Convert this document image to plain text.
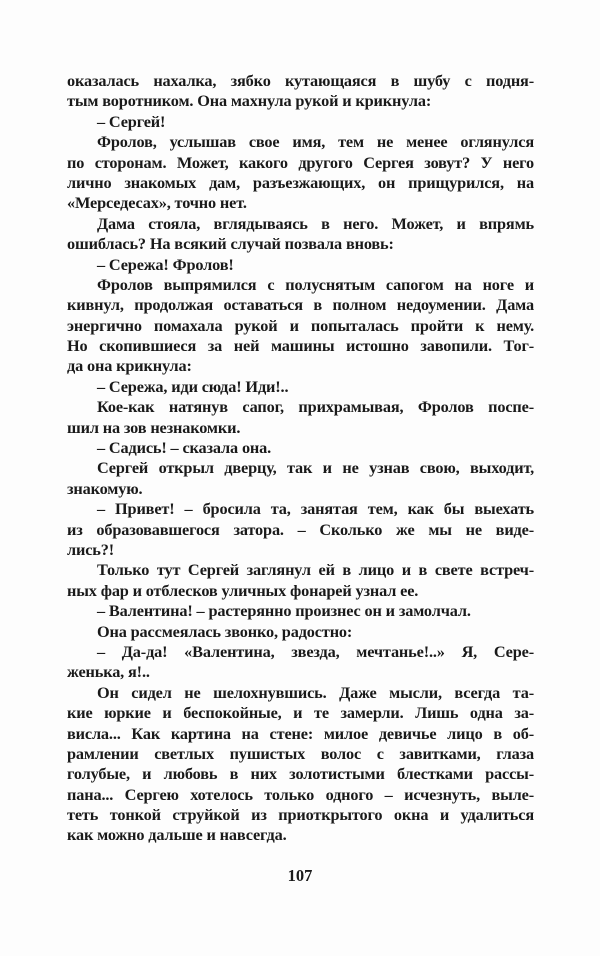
оказалась нахалка, зябко кутающаяся в шубу с подня-
тым воротником. Она махнула рукой и крикнула:
– Сергей!
Фролов, услышав свое имя, тем не менее оглянулся
по сторонам. Может, какого другого Сергея зовут? У него
лично знакомых дам, разъезжающих, он прищурился, на
«Мерседесах», точно нет.
Дама стояла, вглядываясь в него. Может, и впрямь
ошиблась? На всякий случай позвала вновь:
– Сережа! Фролов!
Фролов выпрямился с полуснятым сапогом на ноге и
кивнул, продолжая оставаться в полном недоумении. Дама
энергично помахала рукой и попыталась пройти к нему.
Но скопившиеся за ней машины истошно завопили. Тог-
да она крикнула:
– Сережа, иди сюда! Иди!..
Кое-как натянув сапог, прихрамывая, Фролов поспе-
шил на зов незнакомки.
– Садись! – сказала она.
Сергей открыл дверцу, так и не узнав свою, выходит,
знакомую.
– Привет! – бросила та, занятая тем, как бы выехать
из образовавшегося затора. – Сколько же мы не виде-
лись?!
Только тут Сергей заглянул ей в лицо и в свете встреч-
ных фар и отблесков уличных фонарей узнал ее.
– Валентина! – растерянно произнес он и замолчал.
Она рассмеялась звонко, радостно:
– Да-да! «Валентина, звезда, мечтанье!..» Я, Сере-
женька, я!..
Он сидел не шелохнувшись. Даже мысли, всегда та-
кие юркие и беспокойные, и те замерли. Лишь одна за-
висла... Как картина на стене: милое девичье лицо в об-
рамлении светлых пушистых волос с завитками, глаза
голубые, и любовь в них золотистыми блестками рассы-
пана... Сергею хотелось только одного – исчезнуть, выле-
теть тонкой струйкой из приоткрытого окна и удалиться
как можно дальше и навсегда.
107
